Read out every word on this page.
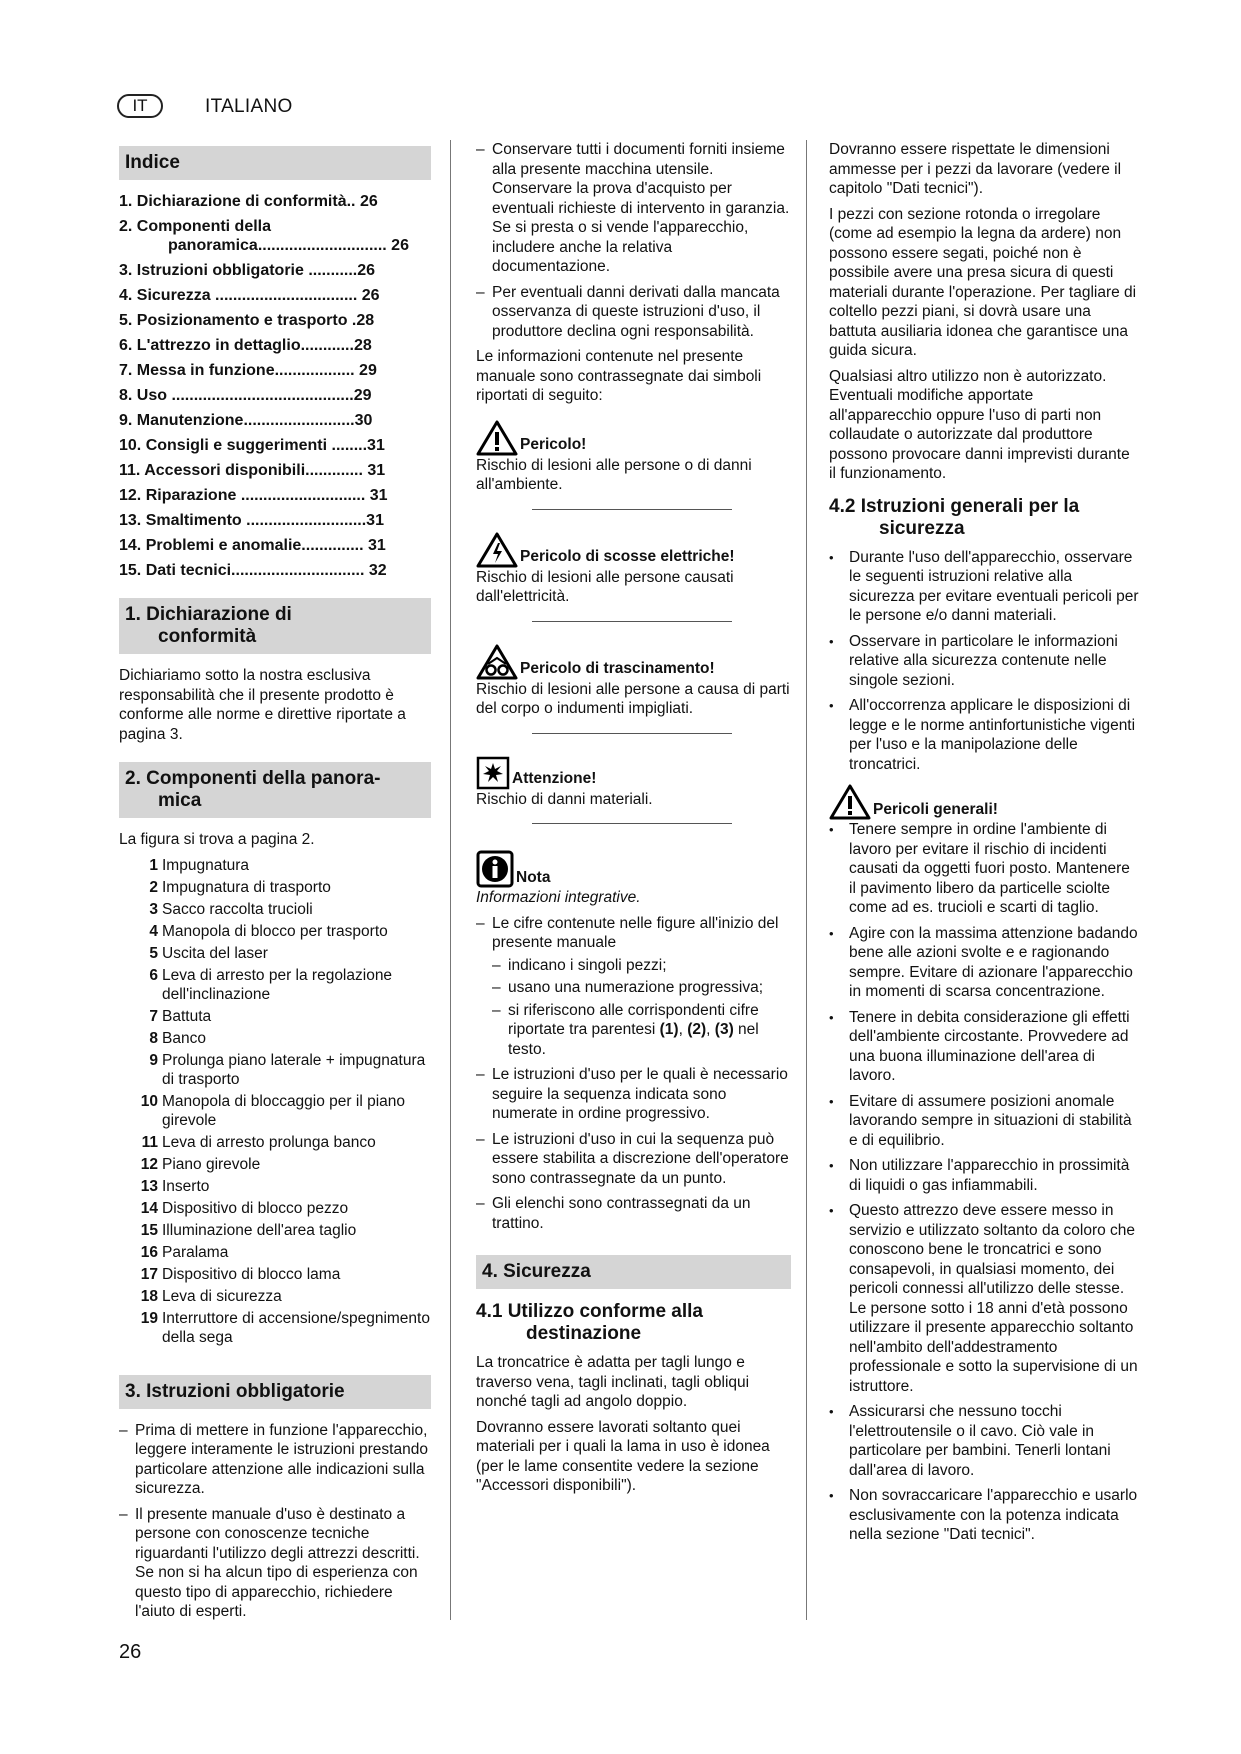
IT	ITALIANO
Indice
1. Dichiarazione di conformità.. 26
2. Componenti della
panoramica............................. 26
3. Istruzioni obbligatorie ...........26
4. Sicurezza ................................ 26
5. Posizionamento e trasporto .28
6. L'attrezzo in dettaglio............28
7. Messa in funzione.................. 29
8. Uso .........................................29
9. Manutenzione.........................30
10. Consigli e suggerimenti ........31
11. Accessori disponibili............. 31
12. Riparazione ............................ 31
13. Smaltimento ...........................31
14. Problemi e anomalie.............. 31
15. Dati tecnici.............................. 32
1. Dichiarazione di
conformità

Dichiariamo sotto la nostra esclusiva responsabilità che il presente prodotto è conforme alle norme e direttive riportate a pagina 3.

2. Componenti della panora-
mica

La figura si trova a pagina 2.

1 Impugnatura
2 Impugnatura di trasporto
3 Sacco raccolta trucioli
4 Manopola di blocco per trasporto
5 Uscita del laser
6 Leva di arresto per la regolazione dell'inclinazione
7 Battuta
8 Banco
9 Prolunga piano laterale + impugnatura di trasporto
10 Manopola di bloccaggio per il piano girevole
11 Leva di arresto prolunga banco
12 Piano girevole
13 Inserto
14 Dispositivo di blocco pezzo
15 Illuminazione dell'area taglio
16 Paralama
17 Dispositivo di blocco lama
18 Leva di sicurezza
19 Interruttore di accensione/spegnimento della sega
3. Istruzioni obbligatorie
– Prima di mettere in funzione l'apparecchio, leggere interamente le istruzioni prestando particolare attenzione alle indicazioni sulla sicurezza.
– Il presente manuale d'uso è destinato a persone con conoscenze tecniche riguardanti l'utilizzo degli attrezzi descritti. Se non si ha alcun tipo di esperienza con questo tipo di apparecchio, richiedere l'aiuto di esperti.
– Conservare tutti i documenti forniti insieme alla presente macchina utensile. Conservare la prova d'acquisto per eventuali richieste di intervento in garanzia. Se si presta o si vende l'apparecchio, includere anche la relativa documentazione.
– Per eventuali danni derivati dalla mancata osservanza di queste istruzioni d'uso, il produttore declina ogni responsabilità.

Le informazioni contenute nel presente manuale sono contrassegnate dai simboli riportati di seguito:

Pericolo!

Rischio di lesioni alle persone o di danni all'ambiente.

Pericolo di scosse elettriche!

Rischio di lesioni alle persone causati dall'elettricità.

Pericolo di trascinamento!

Rischio di lesioni alle persone a causa di parti del corpo o indumenti impigliati.

Attenzione!

Rischio di danni materiali.

Nota

Informazioni integrative.

– Le cifre contenute nelle figure all'inizio del presente manuale
– indicano i singoli pezzi;
– usano una numerazione progressiva;
– si riferiscono alle corrispondenti cifre riportate tra parentesi (1), (2), (3) nel testo.
– Le istruzioni d'uso per le quali è necessario seguire la sequenza indicata sono numerate in ordine progressivo.
– Le istruzioni d'uso in cui la sequenza può essere stabilita a discrezione dell'operatore sono contrassegnate da un punto.
– Gli elenchi sono contrassegnati da un trattino.
4. Sicurezza
4.1 Utilizzo conforme alla
destinazione

La troncatrice è adatta per tagli lungo e traverso vena, tagli inclinati, tagli obliqui nonché tagli ad angolo doppio.

Dovranno essere lavorati soltanto quei materiali per i quali la lama in uso è idonea (per le lame consentite vedere la sezione "Accessori disponibili").

Dovranno essere rispettate le dimensioni ammesse per i pezzi da lavorare (vedere il capitolo "Dati tecnici").

I pezzi con sezione rotonda o irregolare (come ad esempio la legna da ardere) non possono essere segati, poiché non è possibile avere una presa sicura di questi materiali durante l'operazione. Per tagliare di coltello pezzi piani, si dovrà usare una battuta ausiliaria idonea che garantisce una guida sicura.

Qualsiasi altro utilizzo non è autorizzato. Eventuali modifiche apportate all'apparecchio oppure l'uso di parti non collaudate o autorizzate dal produttore possono provocare danni imprevisti durante il funzionamento.

4.2 Istruzioni generali per la
sicurezza
• Durante l'uso dell'apparecchio, osservare le seguenti istruzioni relative alla sicurezza per evitare eventuali pericoli per le persone e/o danni materiali.
• Osservare in particolare le informazioni relative alla sicurezza contenute nelle singole sezioni.
• All'occorrenza applicare le disposizioni di legge e le norme antinfortunistiche vigenti per l'uso e la manipolazione delle troncatrici.
Pericoli generali!
• Tenere sempre in ordine l'ambiente di lavoro per evitare il rischio di incidenti causati da oggetti fuori posto. Mantenere il pavimento libero da particelle sciolte come ad es. trucioli e scarti di taglio.
• Agire con la massima attenzione badando bene alle azioni svolte e e ragionando sempre. Evitare di azionare l'apparecchio in momenti di scarsa concentrazione.
• Tenere in debita considerazione gli effetti dell'ambiente circostante. Provvedere ad una buona illuminazione dell'area di lavoro.
• Evitare di assumere posizioni anomale lavorando sempre in situazioni di stabilità e di equilibrio.
• Non utilizzare l'apparecchio in prossimità di liquidi o gas infiammabili.
• Questo attrezzo deve essere messo in servizio e utilizzato soltanto da coloro che conoscono bene le troncatrici e sono consapevoli, in qualsiasi momento, dei pericoli connessi all'utilizzo delle stesse.
Le persone sotto i 18 anni d'età possono utilizzare il presente apparecchio soltanto nell'ambito dell'addestramento professionale e sotto la supervisione di un istruttore.
• Assicurarsi che nessuno tocchi l'elettroutensile o il cavo. Ciò vale in particolare per bambini. Tenerli lontani dall'area di lavoro.
• Non sovraccaricare l'apparecchio e usarlo esclusivamente con la potenza indicata nella sezione "Dati tecnici".
26
